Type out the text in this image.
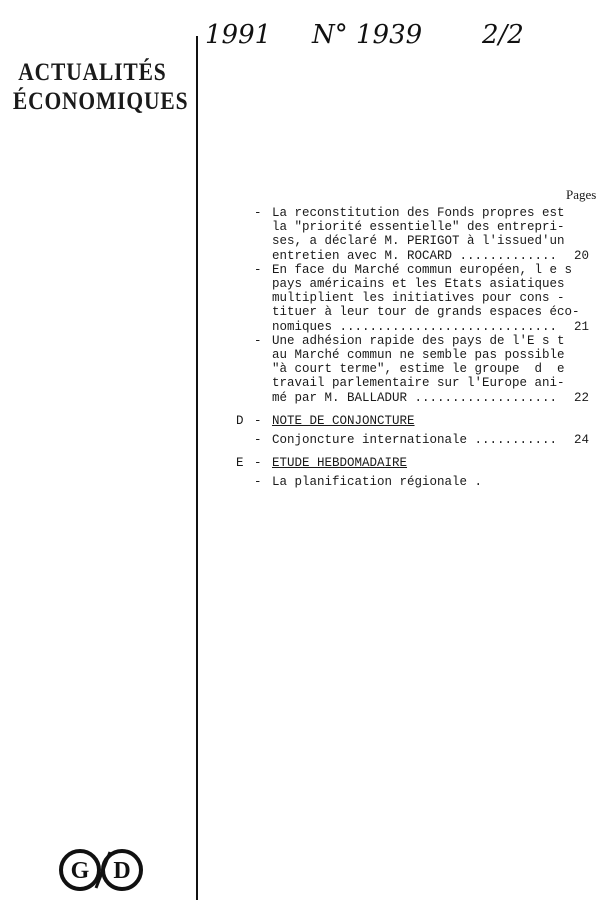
ACTUALITÉS
ÉCONOMIQUES
1991 N° 1939 2/2
Pages
- La reconstitution des Fonds propres est
la "priorité essentielle" des entrepri-
ses, a déclaré M. PERIGOT à l'issued'un
entretien avec M. ROCARD ............. 20
- En face du Marché commun européen, l e s
pays américains et les Etats asiatiques
multiplient les initiatives pour cons -
tituer à leur tour de grands espaces éco-
nomiques ............................. 21
- Une adhésion rapide des pays de l'E s t
au Marché commun ne semble pas possible
"à court terme", estime le groupe  d  e
travail parlementaire sur l'Europe ani-
mé par M. BALLADUR ................... 22
D - NOTE DE CONJONCTURE
- Conjoncture internationale ........... 24
E - ETUDE HEBDOMADAIRE
- La planification régionale .
G D
